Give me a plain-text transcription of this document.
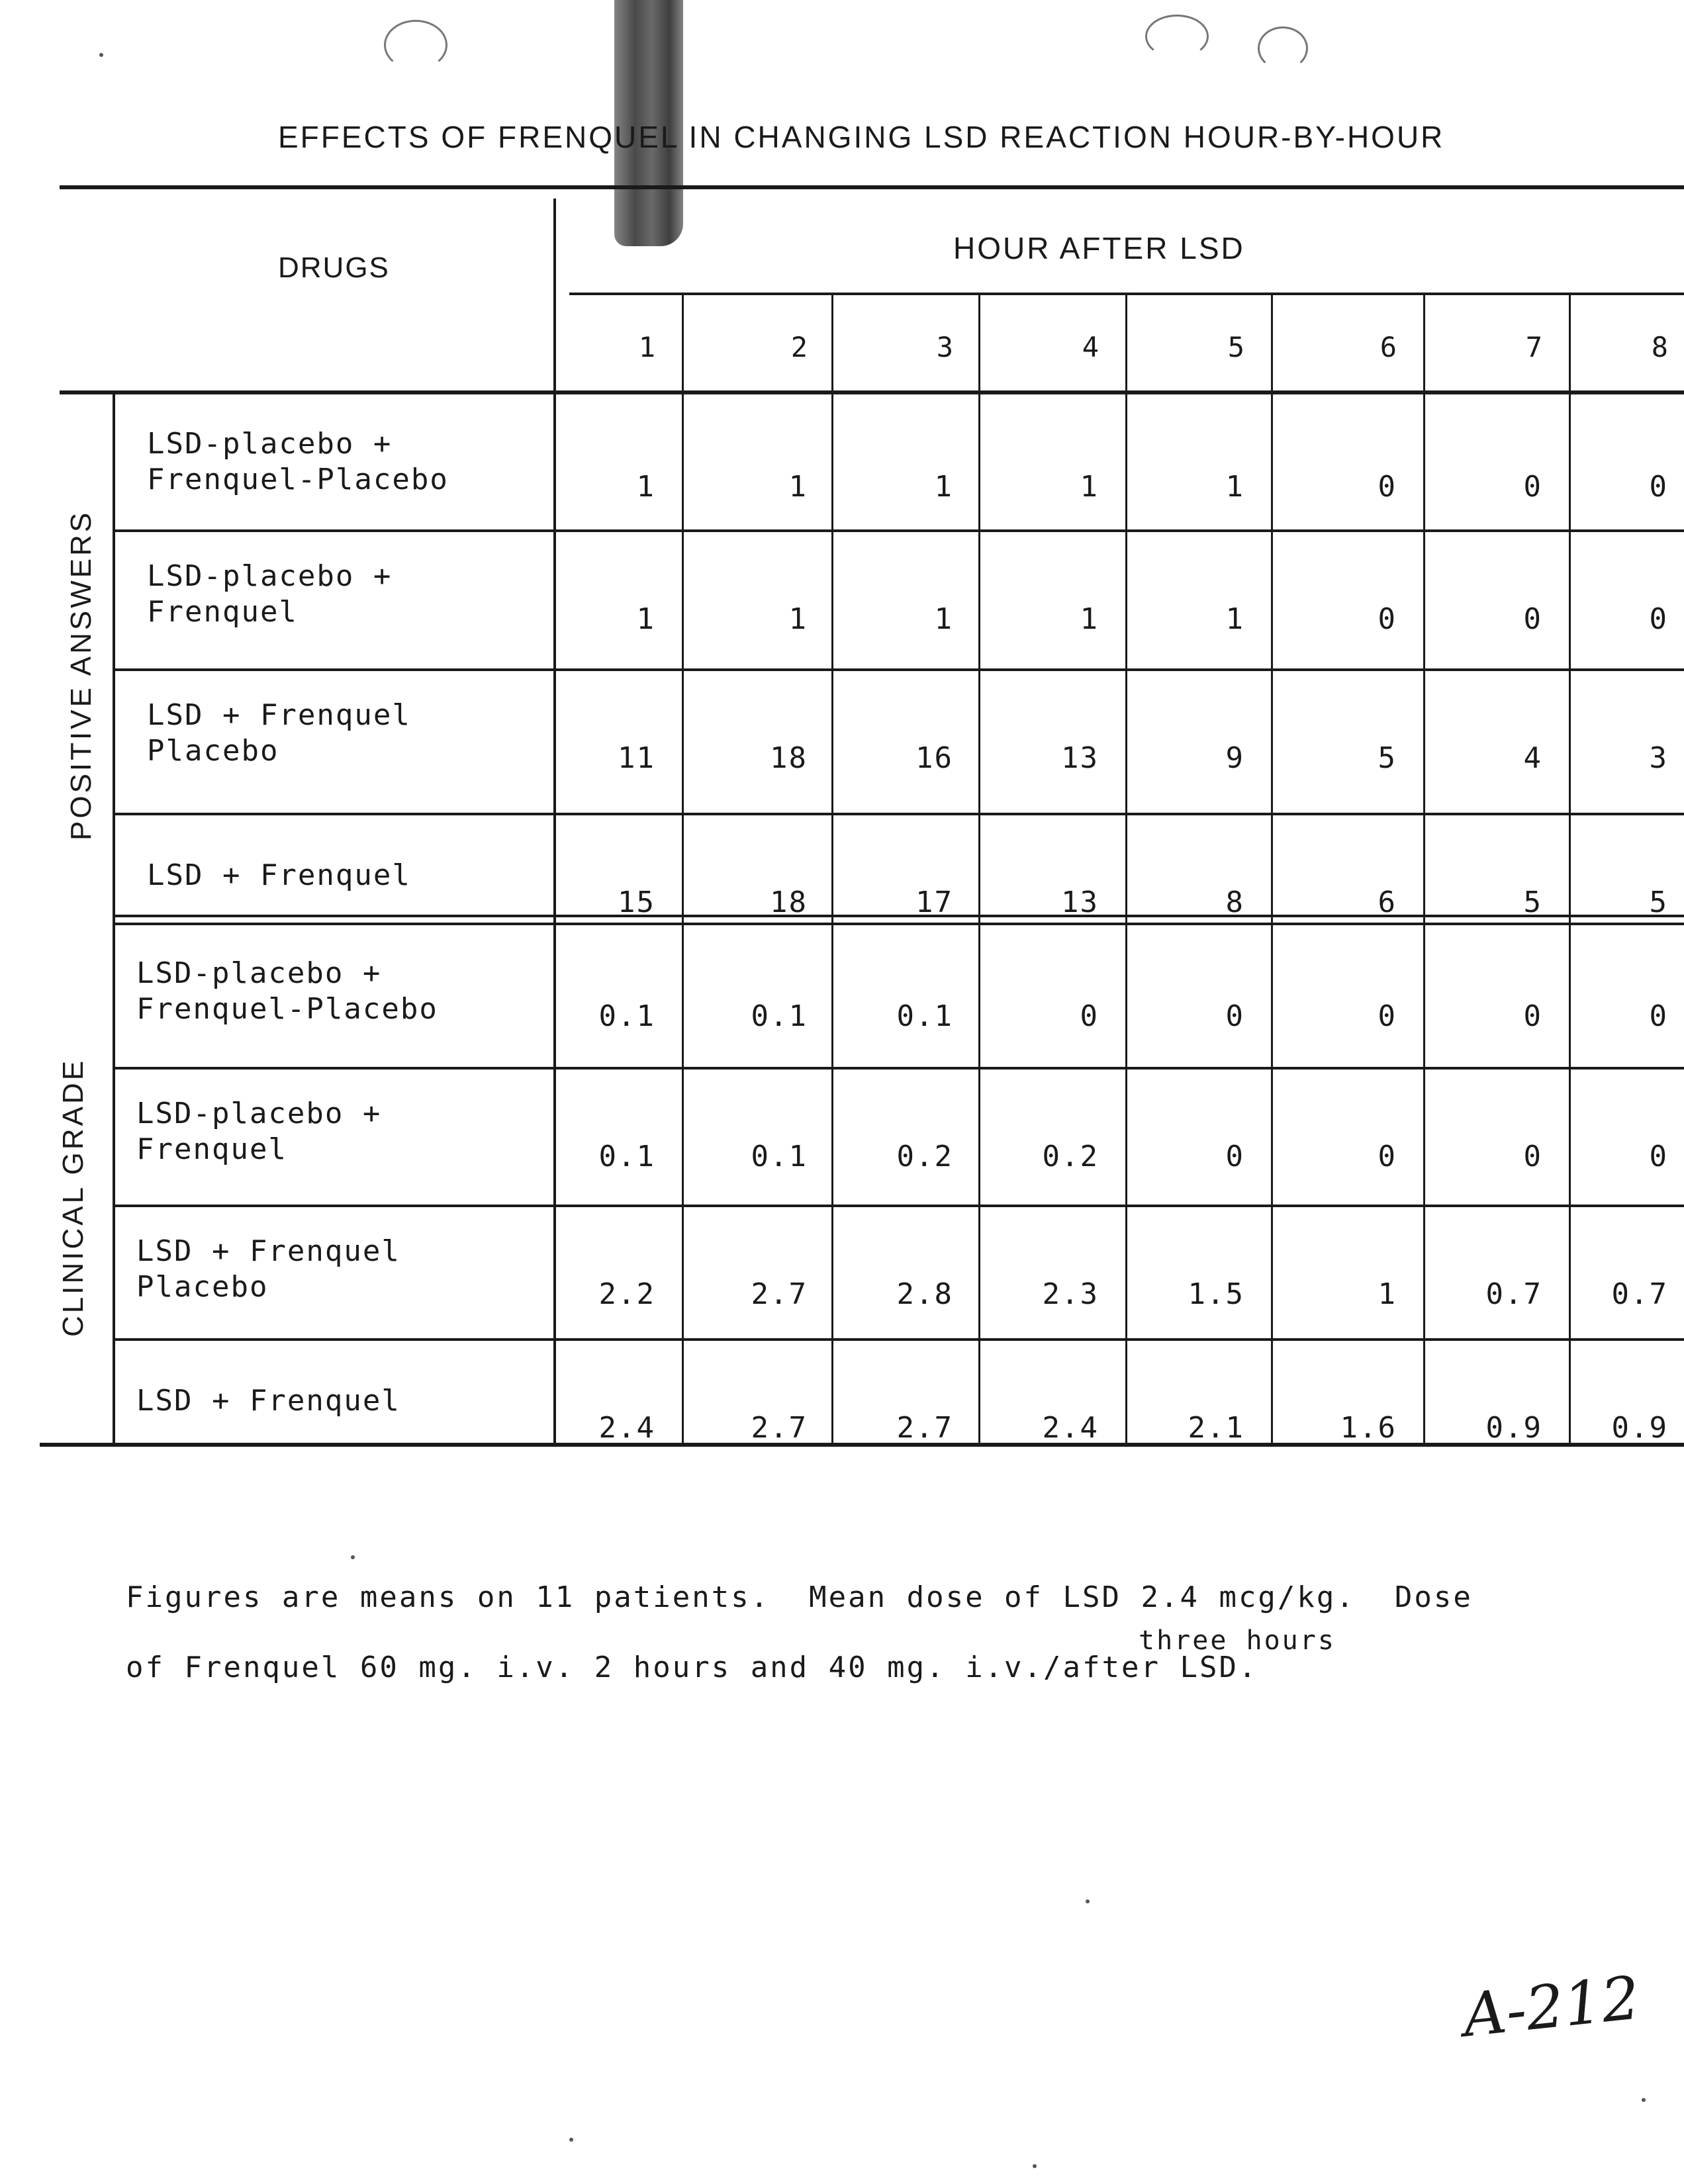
EFFECTS OF FRENQUEL IN CHANGING LSD REACTION HOUR-BY-HOUR
DRUGS
HOUR AFTER LSD
1	2	3	4	5	6	7	8
POSITIVE ANSWERS
CLINICAL GRADE
LSD-placebo +
Frenquel-Placebo	1	1	1	1	1	0	0	0
LSD-placebo +
Frenquel	1	1	1	1	1	0	0	0
LSD + Frenquel
Placebo	11	18	16	13	9	5	4	3
LSD + Frenquel
15	18	17	13	8	6	5	5
LSD-placebo +
Frenquel-Placebo	0.1	0.1	0.1	0	0	0	0	0
LSD-placebo +
Frenquel	0.1	0.1	0.2	0.2	0	0	0	0
LSD + Frenquel
Placebo	2.2	2.7	2.8	2.3	1.5	1	0.7	0.7
LSD + Frenquel
2.4	2.7	2.7	2.4	2.1	1.6	0.9	0.9
Figures are means on 11 patients.  Mean dose of LSD 2.4 mcg/kg.  Dose
three hours
of Frenquel 60 mg. i.v. 2 hours and 40 mg. i.v./after LSD.
A-212
